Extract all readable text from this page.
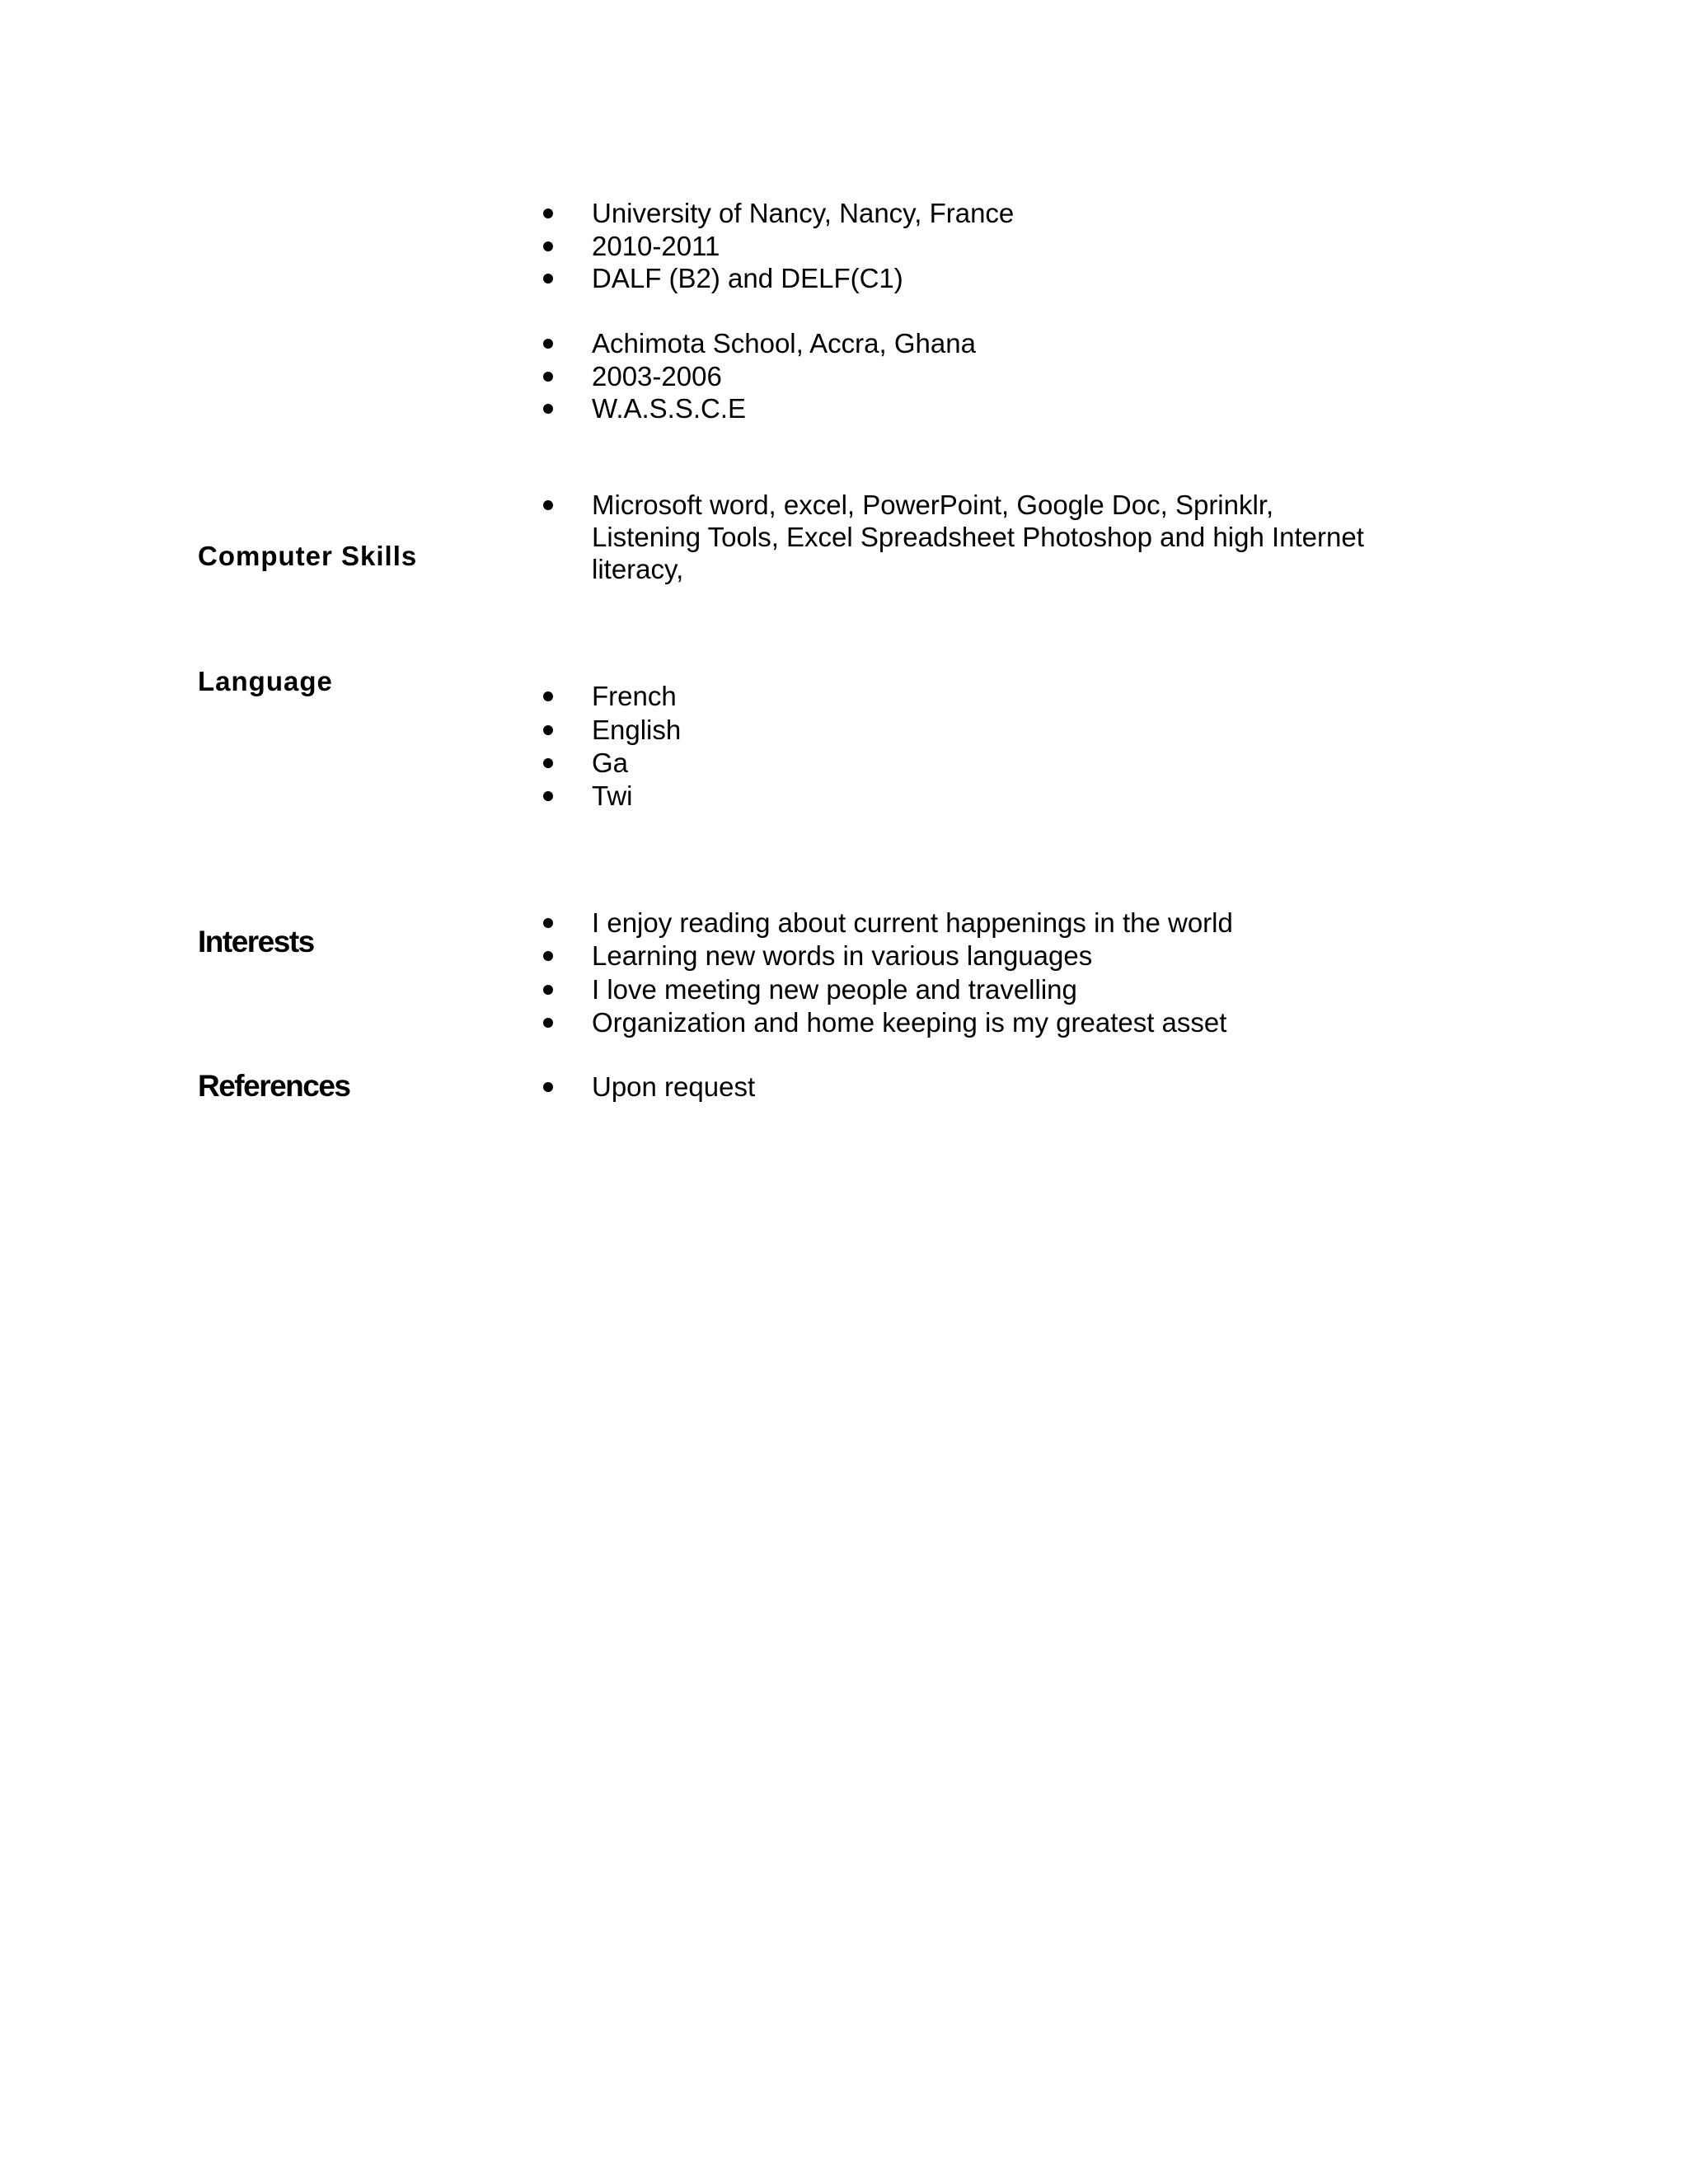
University of Nancy, Nancy, France
2010-2011
DALF (B2) and DELF(C1)
Achimota School, Accra, Ghana
2003-2006
W.A.S.S.C.E
Computer Skills
Microsoft word, excel, PowerPoint, Google Doc, Sprinklr, Listening Tools, Excel Spreadsheet Photoshop and high Internet literacy,
Language	French
English
Ga
Twi
Interests
I enjoy reading about current happenings in the world
Learning new words in various languages
I love meeting new people and travelling
Organization and home keeping is my greatest asset
References	Upon request
